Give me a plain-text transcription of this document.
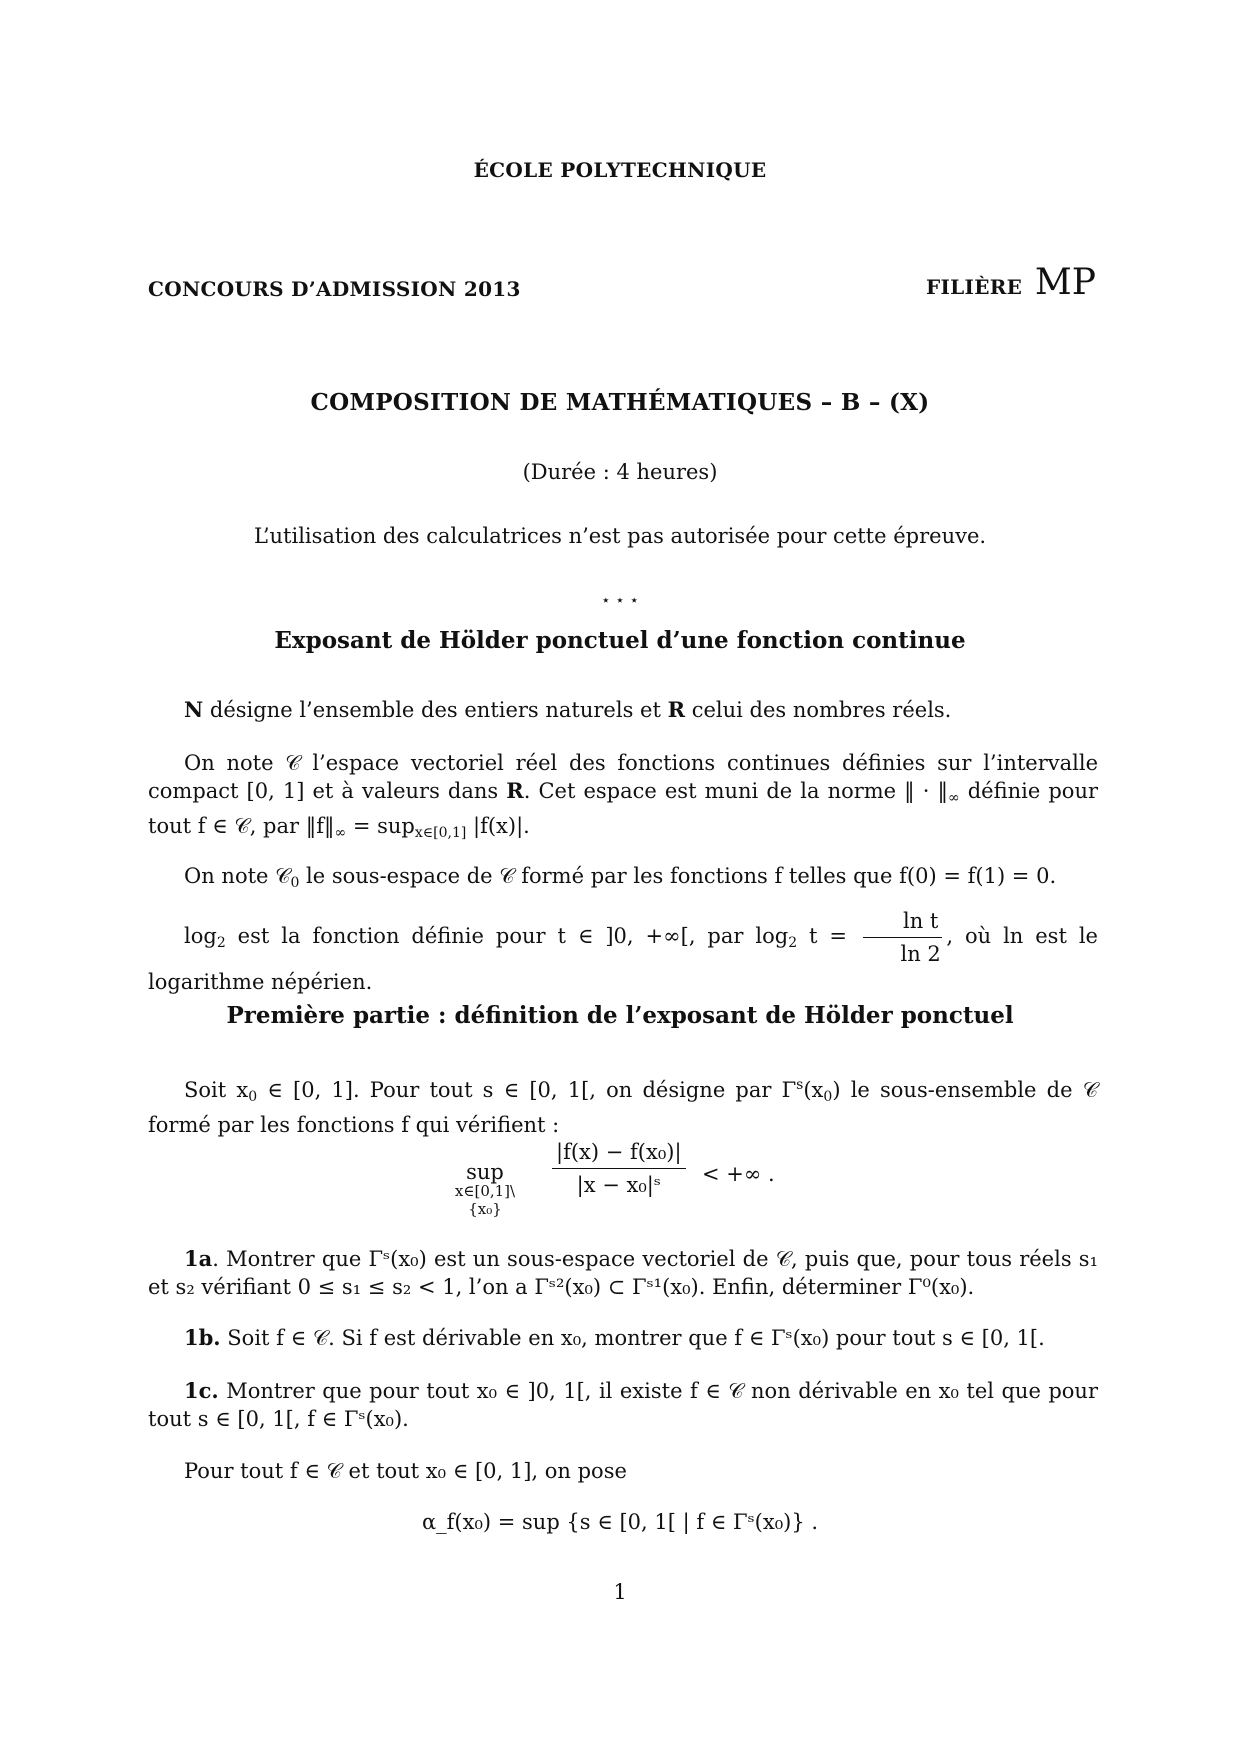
ÉCOLE POLYTECHNIQUE
CONCOURS D’ADMISSION 2013	FILIÈRE MP
COMPOSITION DE MATHÉMATIQUES – B – (X)
(Durée : 4 heures)
L’utilisation des calculatrices n’est pas autorisée pour cette épreuve.
⋆ ⋆ ⋆
Exposant de Hölder ponctuel d’une fonction continue
N désigne l’ensemble des entiers naturels et R celui des nombres réels.
On note 𝒞 l’espace vectoriel réel des fonctions continues définies sur l’intervalle compact [0, 1] et à valeurs dans R. Cet espace est muni de la norme ‖ · $‖_\infty$ définie pour tout f ∈ 𝒞, par $‖f‖_\infty = sup_{x\in[0,1]}$ |f(x)|.
On note 𝒞$_0$ le sous-espace de 𝒞 formé par les fonctions f telles que f(0) = f(1) = 0.
$\log_2$ est la fonction définie pour t ∈ ]0, +∞[, par $\log_2 t = \frac{\text{ln t}}{\ln 2}$ , où ln est le logarithme népérien.
Première partie : définition de l’exposant de Hölder ponctuel
Soit $x_0$ ∈ [0, 1]. Pour tout s ∈ [0, 1[, on désigne par $\Gamma^s(x_0)$ le sous-ensemble de 𝒞 formé par les fonctions f qui vérifient :
sup
x∈[0,1]\{x₀}
$\frac{\text{|f(x) − f(x₀)|}}{\text{|x − x₀|ˢ}}$ < +∞ .
1a. Montrer que Γˢ(x₀) est un sous-espace vectoriel de 𝒞, puis que, pour tous réels s₁ et s₂ vérifiant 0 ≤ s₁ ≤ s₂ < 1, l’on a Γˢ²(x₀) ⊂ Γˢ¹(x₀). Enfin, déterminer Γ⁰(x₀).
1b. Soit f ∈ 𝒞. Si f est dérivable en x₀, montrer que f ∈ Γˢ(x₀) pour tout s ∈ [0, 1[.
1c. Montrer que pour tout x₀ ∈ ]0, 1[, il existe f ∈ 𝒞 non dérivable en x₀ tel que pour tout s ∈ [0, 1[, f ∈ Γˢ(x₀).
Pour tout f ∈ 𝒞 et tout x₀ ∈ [0, 1], on pose
α_f(x₀) = sup {s ∈ [0, 1[ | f ∈ Γˢ(x₀)} .
1
